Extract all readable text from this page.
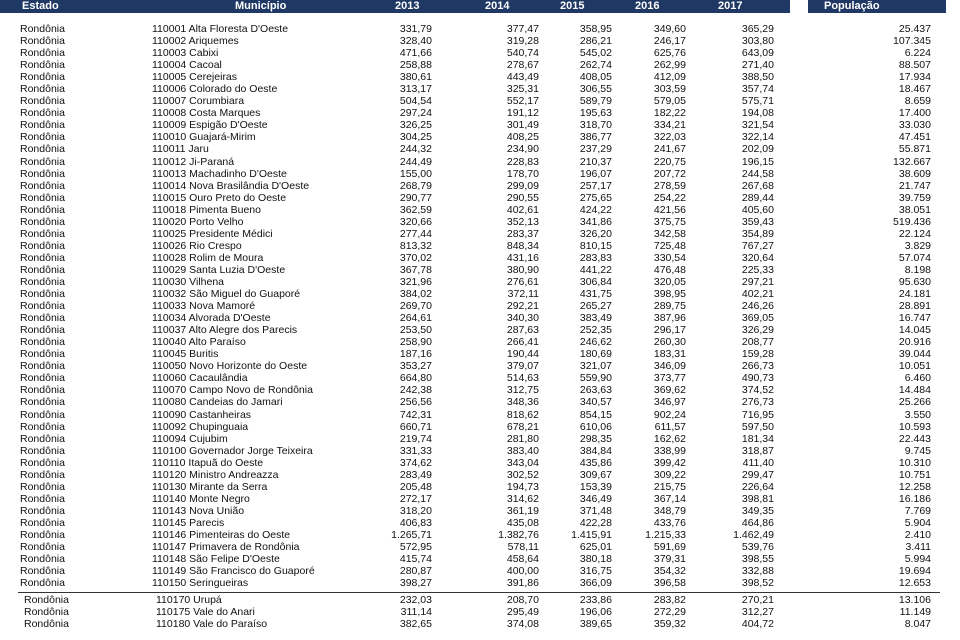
Estado	Município	2013	2014	2015	2016	2017	População
Rondônia	110001 Alta Floresta D'Oeste	331,79	377,47	358,95	349,60	365,29	25.437
Rondônia	110002 Ariquemes	328,40	319,28	286,21	246,17	303,80	107.345
Rondônia	110003 Cabixi	471,66	540,74	545,02	625,76	643,09	6.224
Rondônia	110004 Cacoal	258,88	278,67	262,74	262,99	271,40	88.507
Rondônia	110005 Cerejeiras	380,61	443,49	408,05	412,09	388,50	17.934
Rondônia	110006 Colorado do Oeste	313,17	325,31	306,55	303,59	357,74	18.467
Rondônia	110007 Corumbiara	504,54	552,17	589,79	579,05	575,71	8.659
Rondônia	110008 Costa Marques	297,24	191,12	195,63	182,22	194,08	17.400
Rondônia	110009 Espigão D'Oeste	326,25	301,49	318,70	334,21	321,54	33.030
Rondônia	110010 Guajará-Mirim	304,25	408,25	386,77	322,03	322,14	47.451
Rondônia	110011 Jaru	244,32	234,90	237,29	241,67	202,09	55.871
Rondônia	110012 Ji-Paraná	244,49	228,83	210,37	220,75	196,15	132.667
Rondônia	110013 Machadinho D'Oeste	155,00	178,70	196,07	207,72	244,58	38.609
Rondônia	110014 Nova Brasilândia D'Oeste	268,79	299,09	257,17	278,59	267,68	21.747
Rondônia	110015 Ouro Preto do Oeste	290,77	290,55	275,65	254,22	289,44	39.759
Rondônia	110018 Pimenta Bueno	362,59	402,61	424,22	421,56	405,60	38.051
Rondônia	110020 Porto Velho	320,66	352,13	341,86	375,75	359,43	519.436
Rondônia	110025 Presidente Médici	277,44	283,37	326,20	342,58	354,89	22.124
Rondônia	110026 Rio Crespo	813,32	848,34	810,15	725,48	767,27	3.829
Rondônia	110028 Rolim de Moura	370,02	431,16	283,83	330,54	320,64	57.074
Rondônia	110029 Santa Luzia D'Oeste	367,78	380,90	441,22	476,48	225,33	8.198
Rondônia	110030 Vilhena	321,96	276,61	306,84	320,05	297,21	95.630
Rondônia	110032 São Miguel do Guaporé	384,02	372,11	431,75	398,95	402,21	24.181
Rondônia	110033 Nova Mamoré	269,70	292,21	265,27	289,75	246,26	28.891
Rondônia	110034 Alvorada D'Oeste	264,61	340,30	383,49	387,96	369,05	16.747
Rondônia	110037 Alto Alegre dos Parecis	253,50	287,63	252,35	296,17	326,29	14.045
Rondônia	110040 Alto Paraíso	258,90	266,41	246,62	260,30	208,77	20.916
Rondônia	110045 Buritis	187,16	190,44	180,69	183,31	159,28	39.044
Rondônia	110050 Novo Horizonte do Oeste	353,27	379,07	321,07	346,09	266,73	10.051
Rondônia	110060 Cacaulândia	664,80	514,63	559,90	373,77	490,73	6.460
Rondônia	110070 Campo Novo de Rondônia	242,38	312,75	263,63	369,62	374,52	14.484
Rondônia	110080 Candeias do Jamari	256,56	348,36	340,57	346,97	276,73	25.266
Rondônia	110090 Castanheiras	742,31	818,62	854,15	902,24	716,95	3.550
Rondônia	110092 Chupinguaia	660,71	678,21	610,06	611,57	597,50	10.593
Rondônia	110094 Cujubim	219,74	281,80	298,35	162,62	181,34	22.443
Rondônia	110100 Governador Jorge Teixeira	331,33	383,40	384,84	338,99	318,87	9.745
Rondônia	110110 Itapuã do Oeste	374,62	343,04	435,86	399,42	411,40	10.310
Rondônia	110120 Ministro Andreazza	283,49	302,52	309,67	309,22	299,47	10.751
Rondônia	110130 Mirante da Serra	205,48	194,73	153,39	215,75	226,64	12.258
Rondônia	110140 Monte Negro	272,17	314,62	346,49	367,14	398,81	16.186
Rondônia	110143 Nova União	318,20	361,19	371,48	348,79	349,35	7.769
Rondônia	110145 Parecis	406,83	435,08	422,28	433,76	464,86	5.904
Rondônia	110146 Pimenteiras do Oeste	1.265,71	1.382,76	1.415,91	1.215,33	1.462,49	2.410
Rondônia	110147 Primavera de Rondônia	572,95	578,11	625,01	591,69	539,76	3.411
Rondônia	110148 São Felipe D'Oeste	415,74	458,64	380,18	379,31	398,55	5.994
Rondônia	110149 São Francisco do Guaporé	280,87	400,00	316,75	354,32	332,88	19.694
Rondônia	110150 Seringueiras	398,27	391,86	366,09	396,58	398,52	12.653
Rondônia	110170 Urupá	232,03	208,70	233,86	283,82	270,21	13.106
Rondônia	110175 Vale do Anari	311,14	295,49	196,06	272,29	312,27	11.149
Rondônia	110180 Vale do Paraíso	382,65	374,08	389,65	359,32	404,72	8.047
